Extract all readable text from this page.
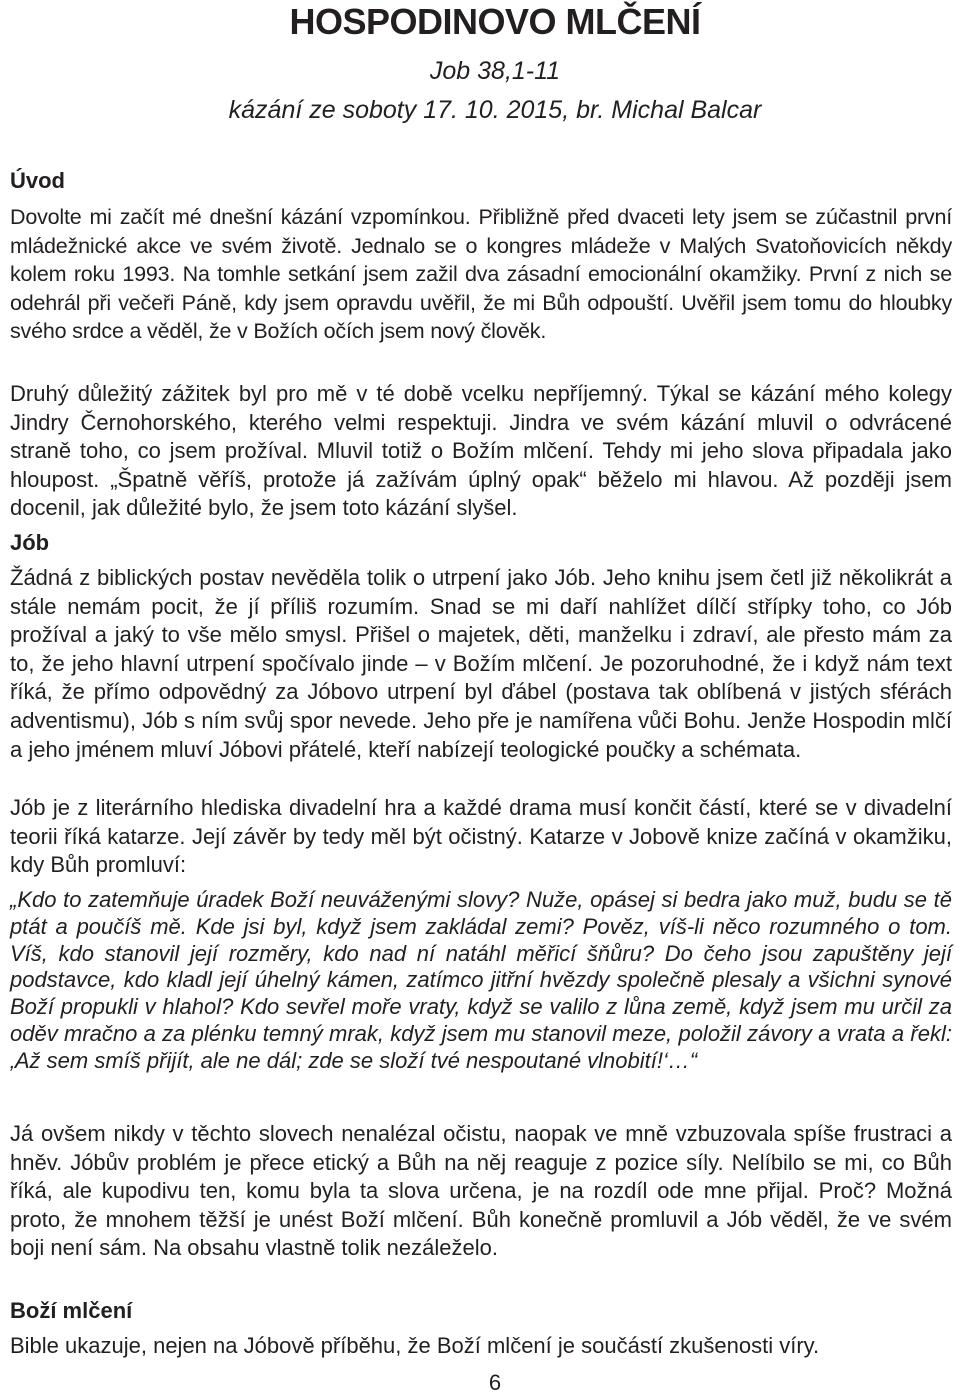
HOSPODINOVO MLČENÍ
Job 38,1-11
kázání ze soboty 17. 10. 2015, br. Michal Balcar
Úvod

Dovolte mi začít mé dnešní kázání vzpomínkou. Přibližně před dvaceti lety jsem se zúčastnil první mládežnické akce ve svém životě. Jednalo se o kongres mládeže v Malých Svatoňovicích někdy kolem roku 1993. Na tomhle setkání jsem zažil dva zásadní emocionální okamžiky. První z nich se odehrál při večeři Páně, kdy jsem opravdu uvěřil, že mi Bůh odpouští. Uvěřil jsem tomu do hloubky svého srdce a věděl, že v Božích očích jsem nový člověk.

Druhý důležitý zážitek byl pro mě v té době vcelku nepříjemný. Týkal se kázání mého kolegy Jindry Černohorského, kterého velmi respektuji. Jindra ve svém kázání mluvil o odvrácené straně toho, co jsem prožíval. Mluvil totiž o Božím mlčení. Tehdy mi jeho slova připadala jako hloupost. „Špatně věříš, protože já zažívám úplný opak“ běželo mi hlavou. Až později jsem docenil, jak důležité bylo, že jsem toto kázání slyšel.

Jób

Žádná z biblických postav nevěděla tolik o utrpení jako Jób. Jeho knihu jsem četl již několikrát a stále nemám pocit, že jí příliš rozumím. Snad se mi daří nahlížet dílčí střípky toho, co Jób prožíval a jaký to vše mělo smysl. Přišel o majetek, děti, manželku i zdraví, ale přesto mám za to, že jeho hlavní utrpení spočívalo jinde – v Božím mlčení. Je pozoruhodné, že i když nám text říká, že přímo odpovědný za Jóbovo utrpení byl ďábel (postava tak oblíbená v jistých sférách adventismu), Jób s ním svůj spor nevede. Jeho pře je namířena vůči Bohu. Jenže Hospodin mlčí a jeho jménem mluví Jóbovi přátelé, kteří nabízejí teologické poučky a schémata.

Jób je z literárního hlediska divadelní hra a každé drama musí končit částí, které se v divadelní teorii říká katarze. Její závěr by tedy měl být očistný. Katarze v Jobově knize začíná v okamžiku, kdy Bůh promluví:

„Kdo to zatemňuje úradek Boží neuváženými slovy? Nuže, opásej si bedra jako muž, budu se tě ptát a poučíš mě. Kde jsi byl, když jsem zakládal zemi? Pověz, víš-li něco rozumného o tom. Víš, kdo stanovil její rozměry, kdo nad ní natáhl měřicí šňůru? Do čeho jsou zapuštěny její podstavce, kdo kladl její úhelný kámen, zatímco jitřní hvězdy společně plesaly a všichni synové Boží propukli v hlahol? Kdo sevřel moře vraty, když se valilo z lůna země, když jsem mu určil za oděv mračno a za plénku temný mrak, když jsem mu stanovil meze, položil závory a vrata a řekl: ‚Až sem smíš přijít, ale ne dál; zde se složí tvé nespoutané vlnobití!‘…“

Já ovšem nikdy v těchto slovech nenalézal očistu, naopak ve mně vzbuzovala spíše frustraci a hněv. Jóbův problém je přece etický a Bůh na něj reaguje z pozice síly. Nelíbilo se mi, co Bůh říká, ale kupodivu ten, komu byla ta slova určena, je na rozdíl ode mne přijal. Proč? Možná proto, že mnohem těžší je unést Boží mlčení. Bůh konečně promluvil a Jób věděl, že ve svém boji není sám. Na obsahu vlastně tolik nezáleželo.

Boží mlčení

Bible ukazuje, nejen na Jóbově příběhu, že Boží mlčení je součástí zkušenosti víry.

6
